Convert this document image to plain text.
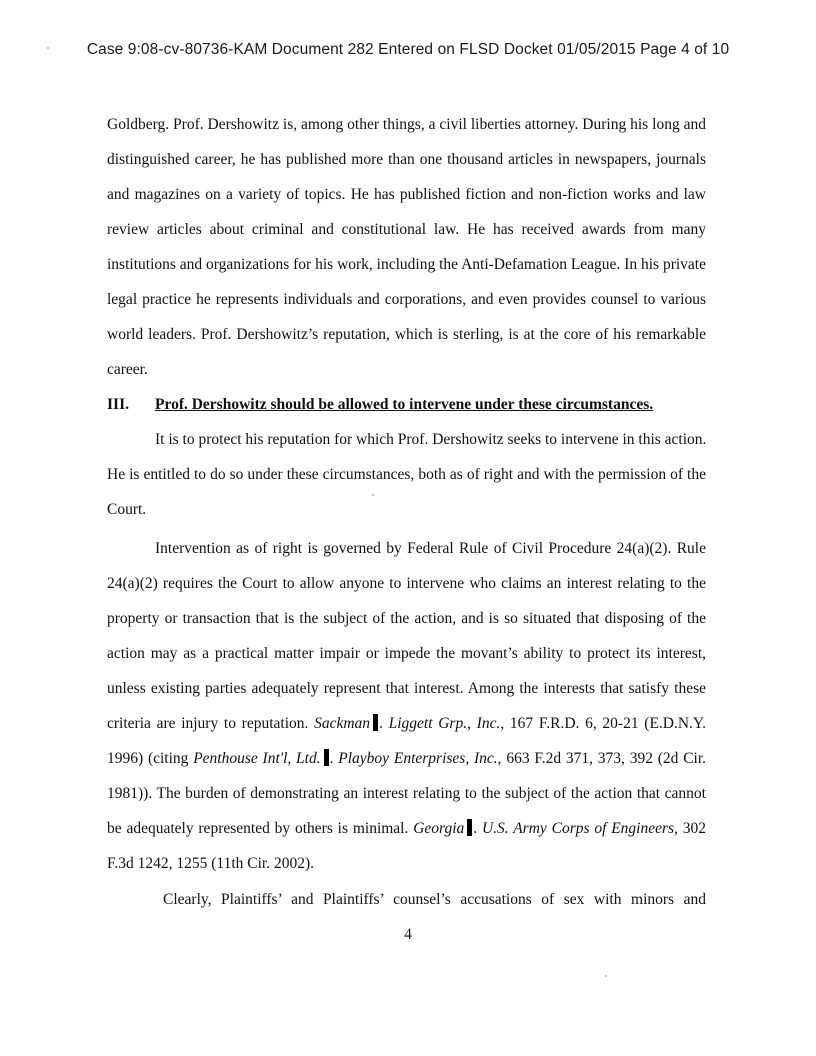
Case 9:08-cv-80736-KAM Document 282 Entered on FLSD Docket 01/05/2015 Page 4 of 10
Goldberg. Prof. Dershowitz is, among other things, a civil liberties attorney. During his long and
distinguished career, he has published more than one thousand articles in newspapers, journals
and magazines on a variety of topics. He has published fiction and non-fiction works and law
review articles about criminal and constitutional law. He has received awards from many
institutions and organizations for his work, including the Anti-Defamation League. In his private
legal practice he represents individuals and corporations, and even provides counsel to various
world leaders. Prof. Dershowitz’s reputation, which is sterling, is at the core of his remarkable
career.
III. Prof. Dershowitz should be allowed to intervene under these circumstances.
It is to protect his reputation for which Prof. Dershowitz seeks to intervene in this action.
He is entitled to do so under these circumstances, both as of right and with the permission of the
Court.
Intervention as of right is governed by Federal Rule of Civil Procedure 24(a)(2). Rule
24(a)(2) requires the Court to allow anyone to intervene who claims an interest relating to the
property or transaction that is the subject of the action, and is so situated that disposing of the
action may as a practical matter impair or impede the movant’s ability to protect its interest,
unless existing parties adequately represent that interest. Among the interests that satisfy these
criteria are injury to reputation. Sackman . Liggett Grp., Inc., 167 F.R.D. 6, 20-21 (E.D.N.Y.
1996) (citing Penthouse Int'l, Ltd. . Playboy Enterprises, Inc., 663 F.2d 371, 373, 392 (2d Cir.
1981)). The burden of demonstrating an interest relating to the subject of the action that cannot
be adequately represented by others is minimal. Georgia . U.S. Army Corps of Engineers, 302
F.3d 1242, 1255 (11th Cir. 2002).
Clearly, Plaintiffs’ and Plaintiffs’ counsel’s accusations of sex with minors and
4
